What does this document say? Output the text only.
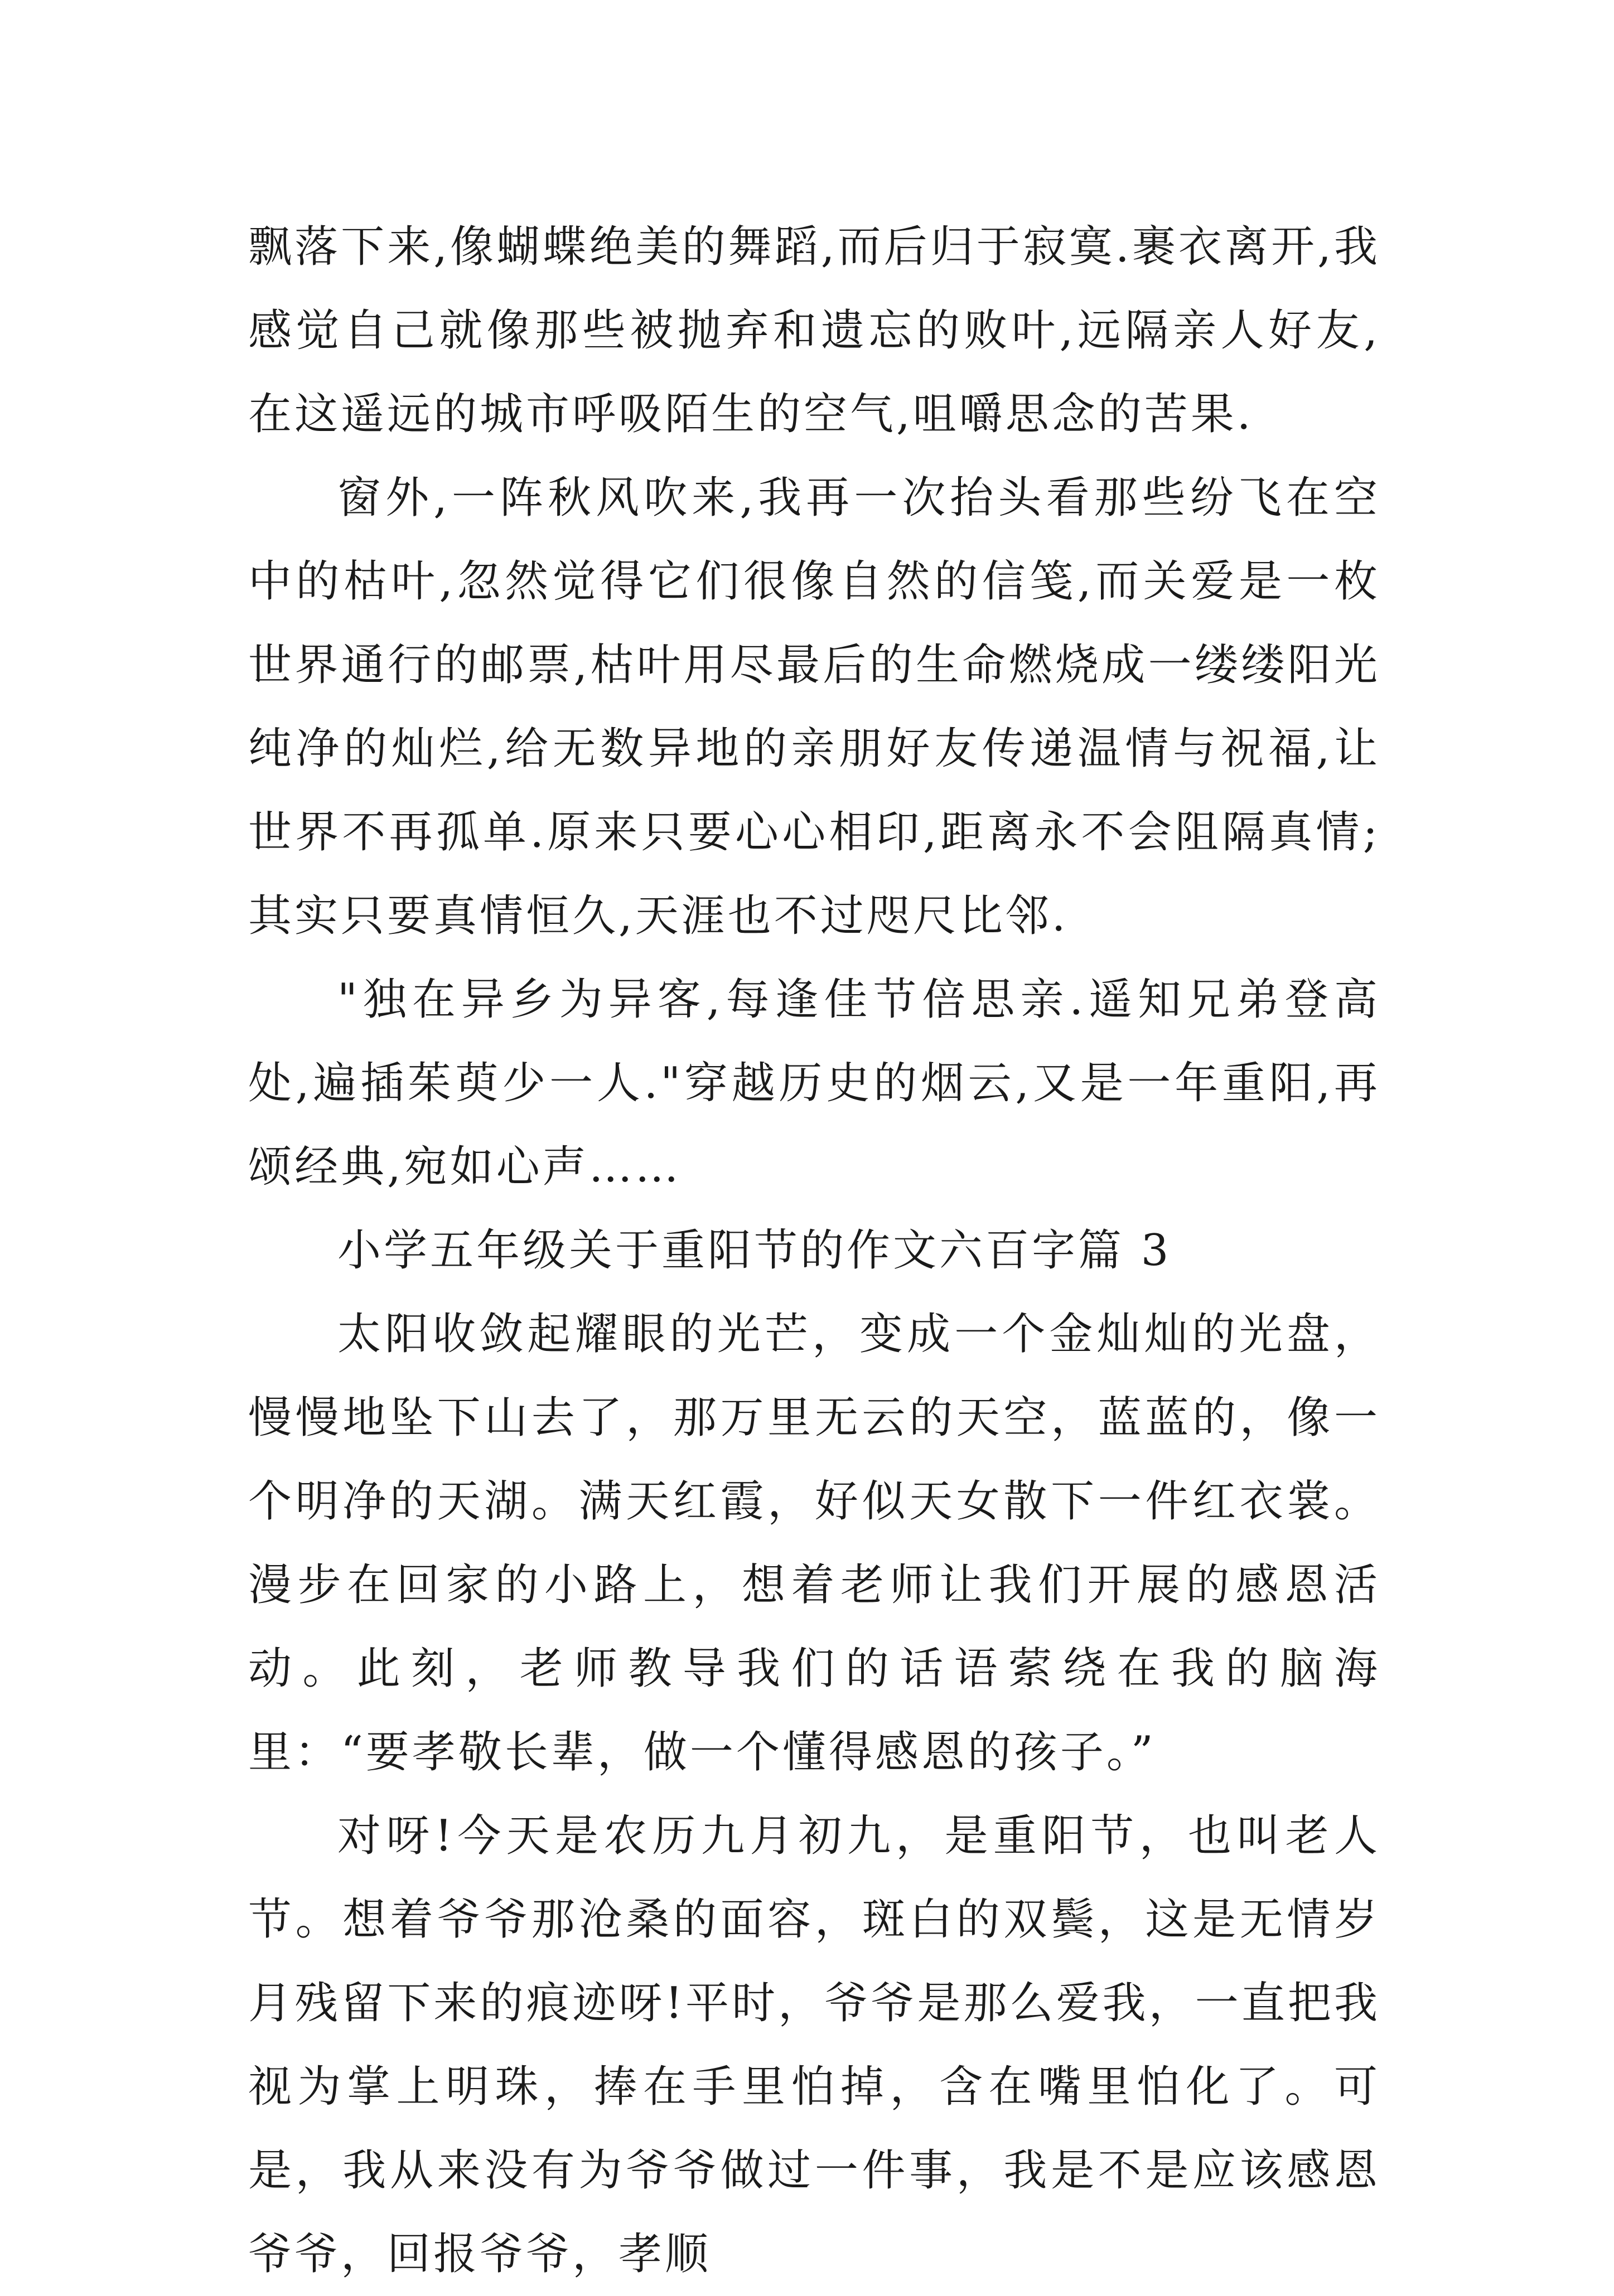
飘落下来,像蝴蝶绝美的舞蹈,而后归于寂寞.裹衣离开,我感觉自己就像那些被抛弃和遗忘的败叶,远隔亲人好友,在这遥远的城市呼吸陌生的空气,咀嚼思念的苦果.

窗外,一阵秋风吹来,我再一次抬头看那些纷飞在空中的枯叶,忽然觉得它们很像自然的信笺,而关爱是一枚世界通行的邮票,枯叶用尽最后的生命燃烧成一缕缕阳光纯净的灿烂,给无数异地的亲朋好友传递温情与祝福,让世界不再孤单.原来只要心心相印,距离永不会阻隔真情;其实只要真情恒久,天涯也不过咫尺比邻.

"独在异乡为异客,每逢佳节倍思亲.遥知兄弟登高处,遍插茱萸少一人."穿越历史的烟云,又是一年重阳,再颂经典,宛如心声……

小学五年级关于重阳节的作文六百字篇 3

太阳收敛起耀眼的光芒，变成一个金灿灿的光盘，慢慢地坠下山去了，那万里无云的天空，蓝蓝的，像一个明净的天湖。满天红霞，好似天女散下一件红衣裳。漫步在回家的小路上，想着老师让我们开展的感恩活动。此刻，老师教导我们的话语萦绕在我的脑海里：“要孝敬长辈，做一个懂得感恩的孩子。”

对呀!今天是农历九月初九，是重阳节，也叫老人节。想着爷爷那沧桑的面容，斑白的双鬓，这是无情岁月残留下来的痕迹呀!平时，爷爷是那么爱我，一直把我视为掌上明珠，捧在手里怕掉，含在嘴里怕化了。可是，我从来没有为爷爷做过一件事，我是不是应该感恩爷爷，回报爷爷，孝顺
